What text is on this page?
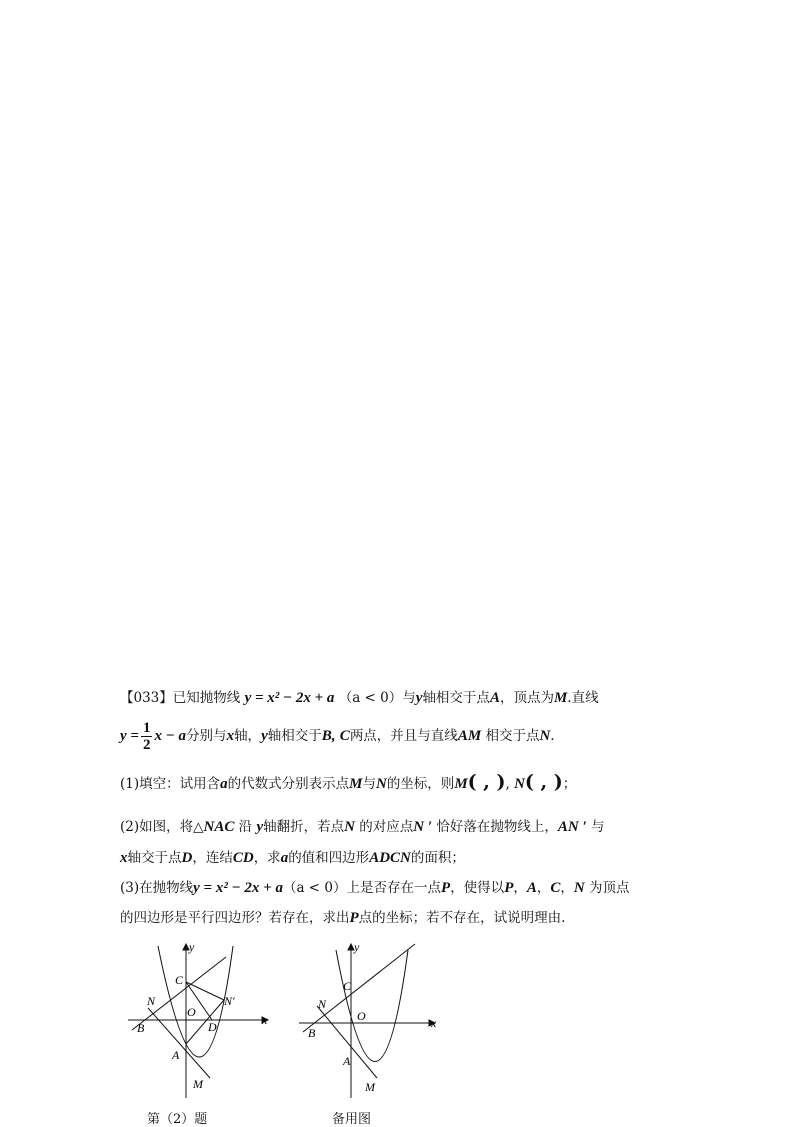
【033】已知抛物线 y = x² − 2x + a （a < 0）与y轴相交于点A，顶点为M.直线
$y = \frac{1}{2}$ x − a分别与x轴，y轴相交于B, C两点，并且与直线AM 相交于点N.
(1)填空：试用含a的代数式分别表示点M与N的坐标，则M( , ), N( , )；
(2)如图，将△NAC 沿 y轴翻折，若点N 的对应点N ′ 恰好落在抛物线上，AN ′ 与
x轴交于点D，连结CD，求a的值和四边形ADCN的面积；
(3)在抛物线y = x² − 2x + a（a < 0）上是否存在一点P，使得以P，A，C，N 为顶点
的四边形是平行四边形？若存在，求出P点的坐标；若不存在，试说明理由.
y
x
C
N	N′
O
D
B
A
M
y
x
C
N
O
B
A
M
第（2）题	备用图
